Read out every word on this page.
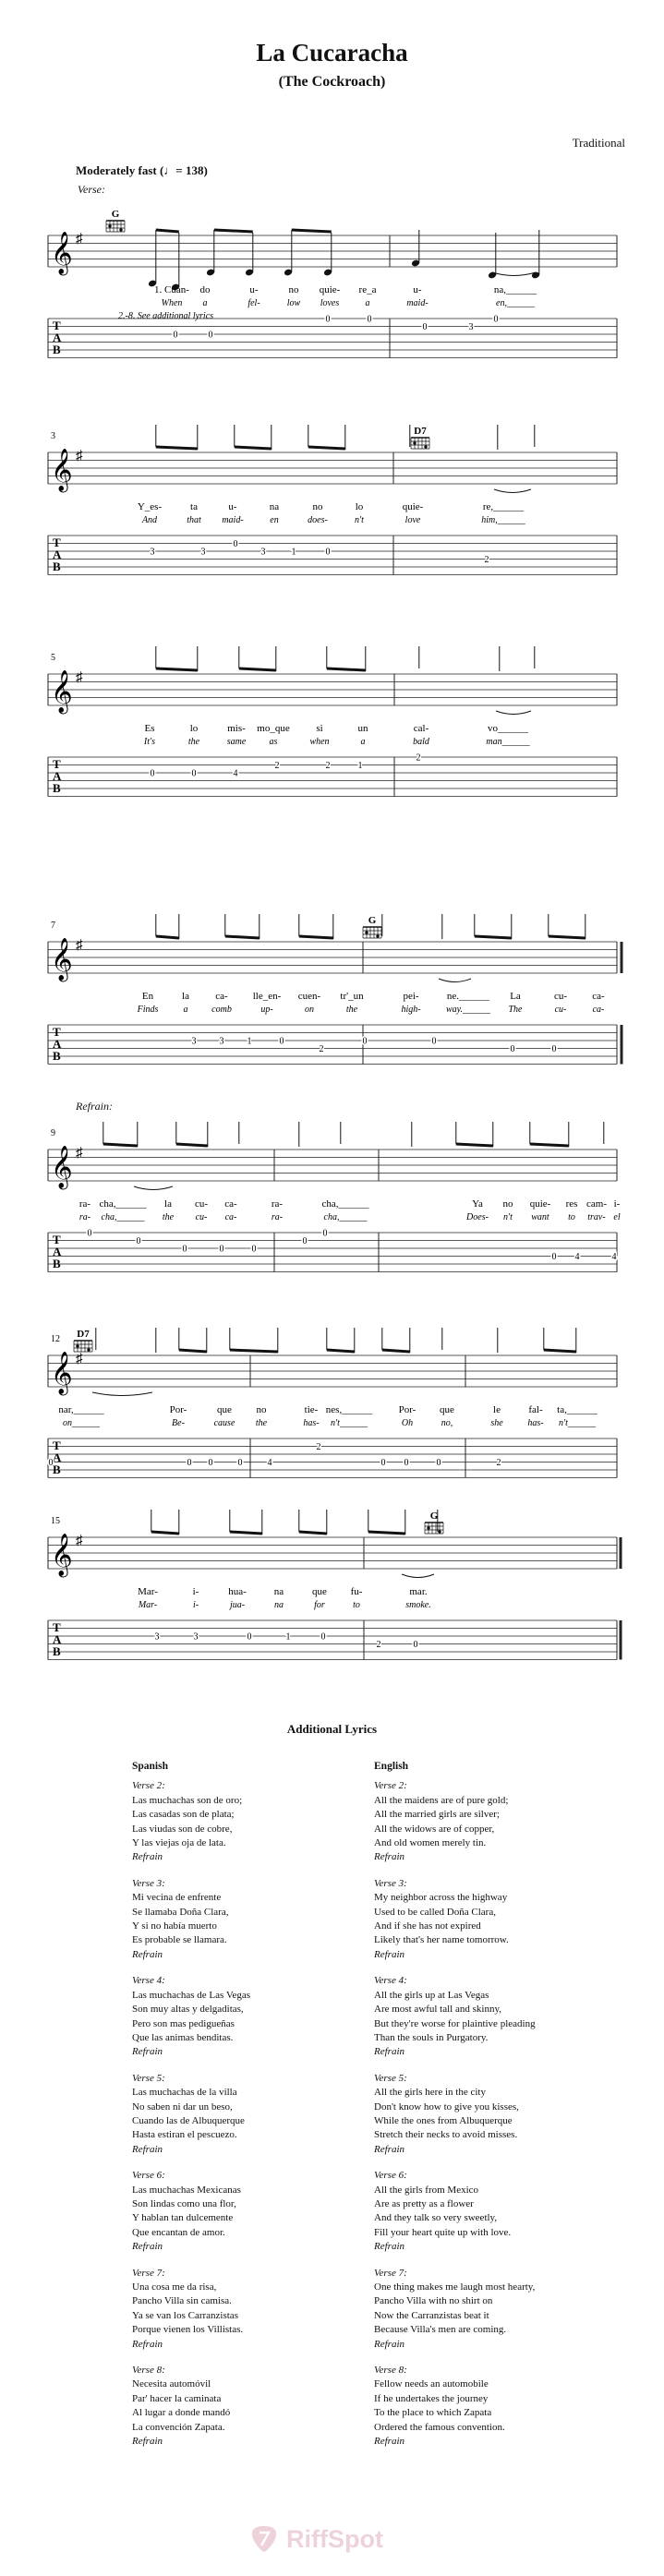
La Cucaracha
(The Cockroach)
Traditional
Moderately fast (♩= 138)
Verse:
Refrain:
𝄞 ♯
T
A
B
1. Cuan- do	u-	no quie- re_a	u-	na,______
When a	fel-	low loves	a	maid-	en,______
2.-8. See additional lyrics
0	0
0	0
0	3
0
G
𝄞 ♯
T
A
B
3
Y_es-	ta	u-	na	no	lo	quie-	re,______
And	that maid-	en	does-	n't	love	him,______
3	3
0
3	1	0
2
D7
𝄞 ♯
T
A
B
5
Es	lo	mis- mo_que	si	un	cal-	vo______
It's	the	same	as	when	a	bald	man______
0	0	4
2	2	1
2
𝄞 ♯
T
A
B
7
En	la	ca- lle_en- cuen- tr'_un	pei-	ne.______ La	cu- ca-
Finds	a	comb	up-	on	the	high-	way.______ The	cu-	ca-
3	3	1	0
2
0	0
0	0
G
𝄞 ♯
T
A
B
9
ra- cha,______ la cu- ca-	ra-	cha,______	Ya no quie- res cam- i-
ra- cha,______ the cu- ca-	ra-	cha,______	Does- n't want to trav- el
0
0
0	0	0
0
0
0 4	4
𝄞 ♯
T
A
B
12
nar,______	Por-	que no	tie- nes,______	Por- que	le	fal- ta,______
on______	Be-	cause the	has- n't______	Oh	no,	she	has- n't______
0	0 0	0	4
2
0 0	0	2
D7
𝄞 ♯
T
A
B
15
Mar-	i-	hua-	na	que fu-	mar.
Mar-	i-	jua-	na	for	to	smoke.
3	3	0	1	0
2	0
G
Additional Lyrics
Spanish
Verse 2:
Las muchachas son de oro;
Las casadas son de plata;
Las viudas son de cobre,
Y las viejas oja de lata.
Refrain
Verse 3:
Mi vecina de enfrente
Se llamaba Doña Clara,
Y si no había muerto
Es probable se llamara.
Refrain
Verse 4:
Las muchachas de Las Vegas
Son muy altas y delgaditas,
Pero son mas pedigueñas
Que las animas benditas.
Refrain
Verse 5:
Las muchachas de la villa
No saben ni dar un beso,
Cuando las de Albuquerque
Hasta estiran el pescuezo.
Refrain
Verse 6:
Las muchachas Mexicanas
Son lindas como una flor,
Y hablan tan dulcemente
Que encantan de amor.
Refrain
Verse 7:
Una cosa me da risa,
Pancho Villa sin camisa.
Ya se van los Carranzistas
Porque vienen los Villistas.
Refrain
Verse 8:
Necesita automóvil
Par' hacer la caminata
Al lugar a donde mandó
La convención Zapata.
Refrain
English
Verse 2:
All the maidens are of pure gold;
All the married girls are silver;
All the widows are of copper,
And old women merely tin.
Refrain
Verse 3:
My neighbor across the highway
Used to be called Doña Clara,
And if she has not expired
Likely that's her name tomorrow.
Refrain
Verse 4:
All the girls up at Las Vegas
Are most awful tall and skinny,
But they're worse for plaintive pleading
Than the souls in Purgatory.
Refrain
Verse 5:
All the girls here in the city
Don't know how to give you kisses,
While the ones from Albuquerque
Stretch their necks to avoid misses.
Refrain
Verse 6:
All the girls from Mexico
Are as pretty as a flower
And they talk so very sweetly,
Fill your heart quite up with love.
Refrain
Verse 7:
One thing makes me laugh most hearty,
Pancho Villa with no shirt on
Now the Carranzistas beat it
Because Villa's men are coming.
Refrain
Verse 8:
Fellow needs an automobile
If he undertakes the journey
To the place to which Zapata
Ordered the famous convention.
Refrain
RiffSpot
